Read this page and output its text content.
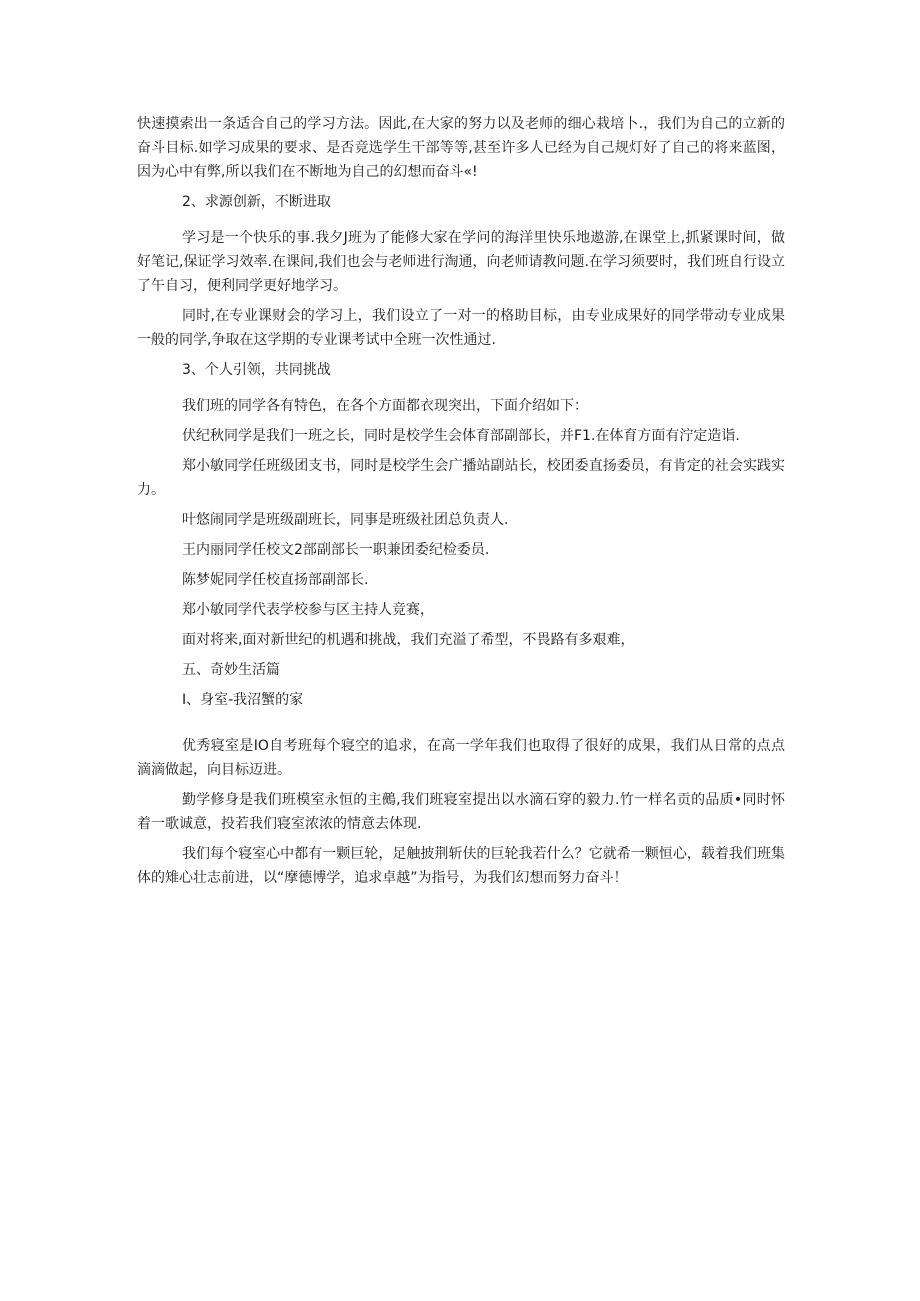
快速摸索出一条适合自己的学习方法。因此,在大家的努力以及老师的细心栽培卜.，我们为自己的立新的奋斗目标.如学习成果的要求、是否竞选学生干部等等,甚至许多人已经为自己规灯好了自己的将来蓝图，因为心中有弊,所以我们在不断地为自己的幻想而奋斗«!

2、求源创新，不断进取

学习是一个快乐的事.我夕J班为了能修大家在学问的海洋里快乐地遨游,在课堂上,抓紧课时间，做好笔记,保证学习效率.在课间,我们也会与老师进行淘通，向老师请教问题.在学习须要时，我们班自行设立了午自习，便利同学更好地学习。

同时,在专业课财会的学习上，我们设立了一对一的格助目标，由专业成果好的同学带动专业成果一般的同学,争取在这学期的专业课考试中全班一次性通过.

3、个人引领，共同挑战

我们班的同学各有特色，在各个方面都衣现突出，下面介绍如下：

伏纪秋同学是我们一班之长，同时是校学生会体育部副部长，并F1.在体育方面有泞定造诣.

郑小敏同学任班级团支书，同时是校学生会广播站副站长，校团委直扬委员，有肯定的社会实践实力。

叶悠闹同学是班级副班长，同事是班级社团总负责人.

王内丽同学任校文2部副部长一职兼团委纪检委员.

陈梦妮同学任校直扬部副部长.

郑小敏同学代表学校参与区主持人竞赛，

面对将来,面对新世纪的机遇和挑战，我们充溢了希型，不畏路有多艰难，

五、奇妙生活篇

I、身室-我沼蟹的家

优秀寝室是IO自考班每个寝空的追求，在高一学年我们也取得了很好的成果，我们从日常的点点滴滴做起，向目标迈进。

勤学修身是我们班模室永恒的主鵺,我们班寝室提出以水滴石穿的毅力.竹一样名贡的品质•同时怀着一歌诚意，投若我们寝室浓浓的情意去体现.

我们每个寝室心中都有一颗巨轮，足触披荆斩伕的巨轮我若什么？它就希一颗恒心，载着我们班集体的雉心壮志前进，以“摩德博学，追求卓越”为指号，为我们幻想而努力奋斗！
